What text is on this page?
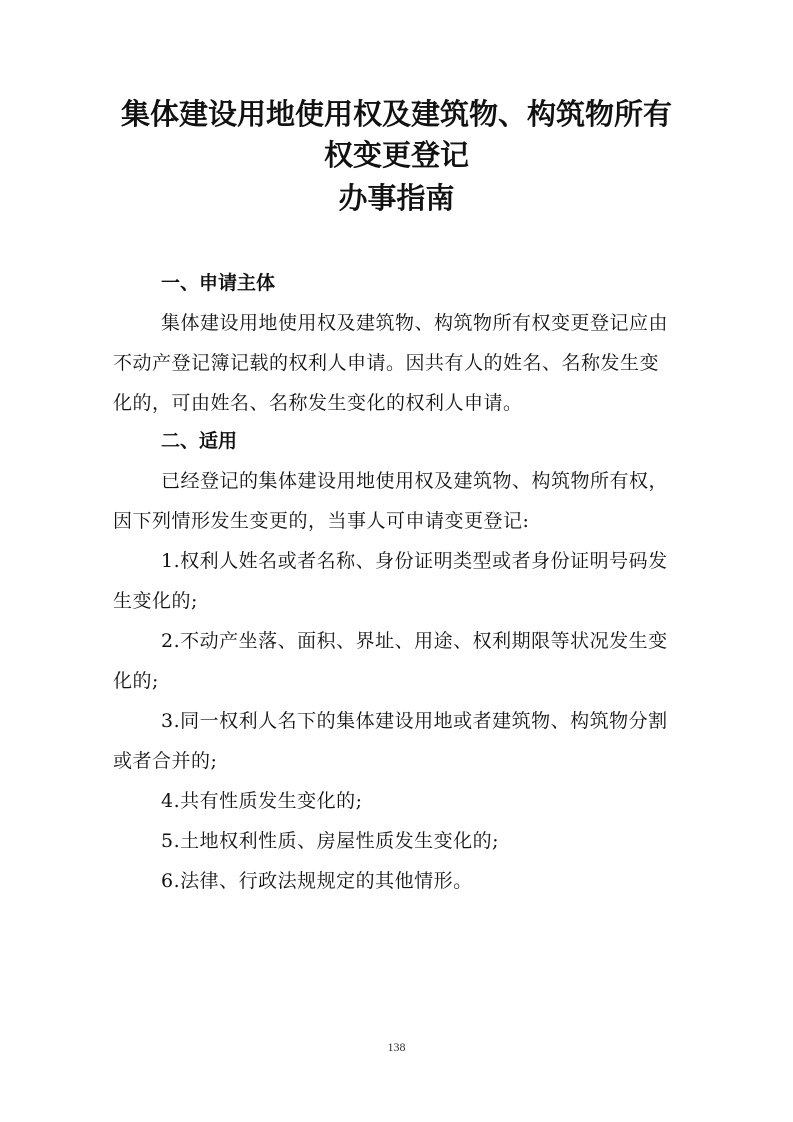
集体建设用地使用权及建筑物、构筑物所有
权变更登记
办事指南
一、申请主体

集体建设用地使用权及建筑物、构筑物所有权变更登记应由不动产登记簿记载的权利人申请。因共有人的姓名、名称发生变化的，可由姓名、名称发生变化的权利人申请。

二、适用

已经登记的集体建设用地使用权及建筑物、构筑物所有权，因下列情形发生变更的，当事人可申请变更登记:

1.权利人姓名或者名称、身份证明类型或者身份证明号码发生变化的;

2.不动产坐落、面积、界址、用途、权利期限等状况发生变化的;

3.同一权利人名下的集体建设用地或者建筑物、构筑物分割或者合并的;

4.共有性质发生变化的;

5.土地权利性质、房屋性质发生变化的;

6.法律、行政法规规定的其他情形。

138
